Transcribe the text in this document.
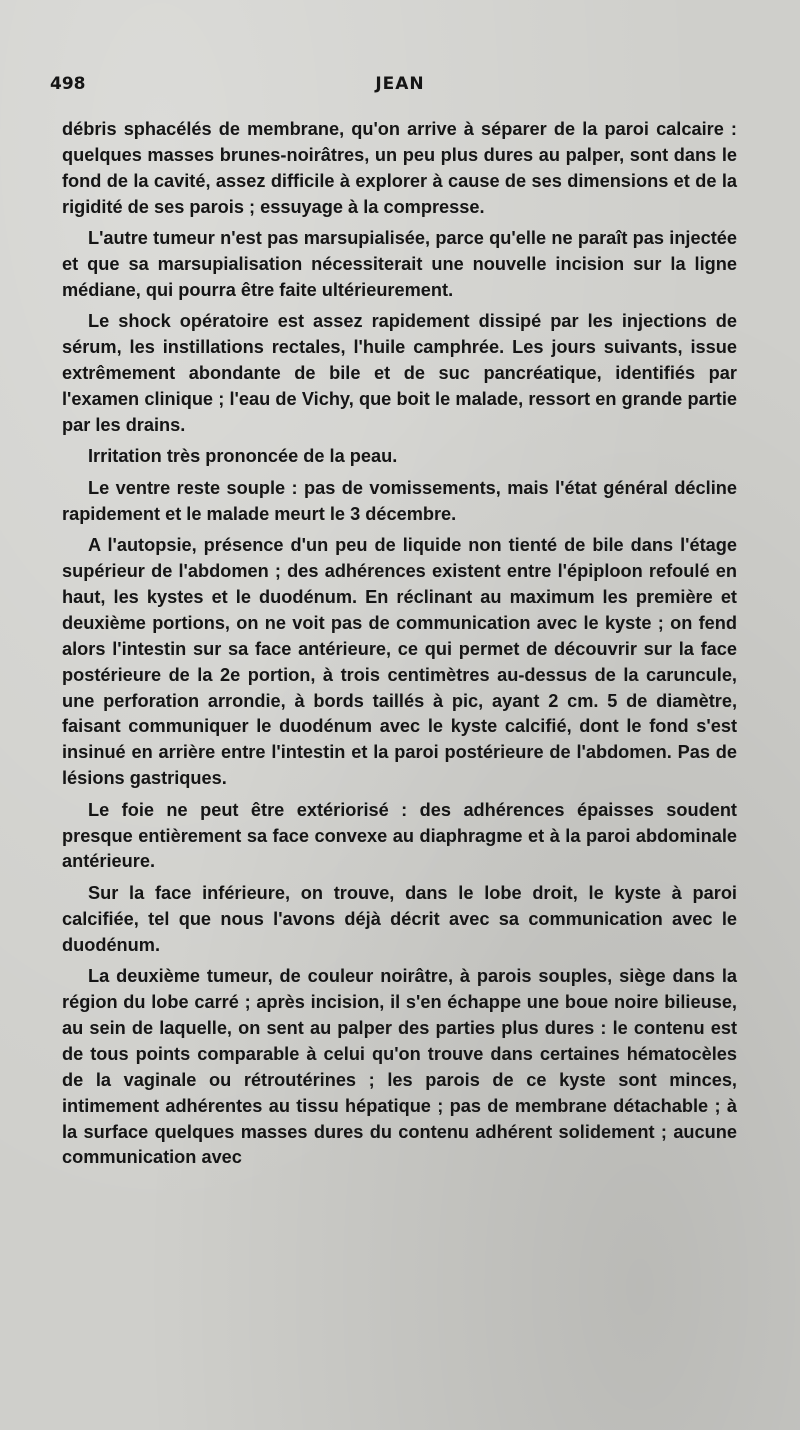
498	JEAN

débris sphacélés de membrane, qu'on arrive à séparer de la paroi calcaire : quelques masses brunes-noirâtres, un peu plus dures au palper, sont dans le fond de la cavité, assez difficile à explorer à cause de ses dimensions et de la rigidité de ses parois ; essuyage à la compresse.

L'autre tumeur n'est pas marsupialisée, parce qu'elle ne paraît pas injectée et que sa marsupialisation nécessiterait une nouvelle incision sur la ligne médiane, qui pourra être faite ultérieurement.

Le shock opératoire est assez rapidement dissipé par les injections de sérum, les instillations rectales, l'huile camphrée. Les jours suivants, issue extrêmement abondante de bile et de suc pancréatique, identifiés par l'examen clinique ; l'eau de Vichy, que boit le malade, ressort en grande partie par les drains.

Irritation très prononcée de la peau.

Le ventre reste souple : pas de vomissements, mais l'état général décline rapidement et le malade meurt le 3 décembre.

A l'autopsie, présence d'un peu de liquide non tienté de bile dans l'étage supérieur de l'abdomen ; des adhérences existent entre l'épiploon refoulé en haut, les kystes et le duodénum. En réclinant au maximum les première et deuxième portions, on ne voit pas de communication avec le kyste ; on fend alors l'intestin sur sa face antérieure, ce qui permet de découvrir sur la face postérieure de la 2e portion, à trois centimètres au-dessus de la caruncule, une perforation arrondie, à bords taillés à pic, ayant 2 cm. 5 de diamètre, faisant communiquer le duodénum avec le kyste calcifié, dont le fond s'est insinué en arrière entre l'intestin et la paroi postérieure de l'abdomen. Pas de lésions gastriques.

Le foie ne peut être extériorisé : des adhérences épaisses soudent presque entièrement sa face convexe au diaphragme et à la paroi abdominale antérieure.

Sur la face inférieure, on trouve, dans le lobe droit, le kyste à paroi calcifiée, tel que nous l'avons déjà décrit avec sa communication avec le duodénum.

La deuxième tumeur, de couleur noirâtre, à parois souples, siège dans la région du lobe carré ; après incision, il s'en échappe une boue noire bilieuse, au sein de laquelle, on sent au palper des parties plus dures : le contenu est de tous points comparable à celui qu'on trouve dans certaines hématocèles de la vaginale ou rétroutérines ; les parois de ce kyste sont minces, intimement adhérentes au tissu hépatique ; pas de membrane détachable ; à la surface quelques masses dures du contenu adhérent solidement ; aucune communication avec
